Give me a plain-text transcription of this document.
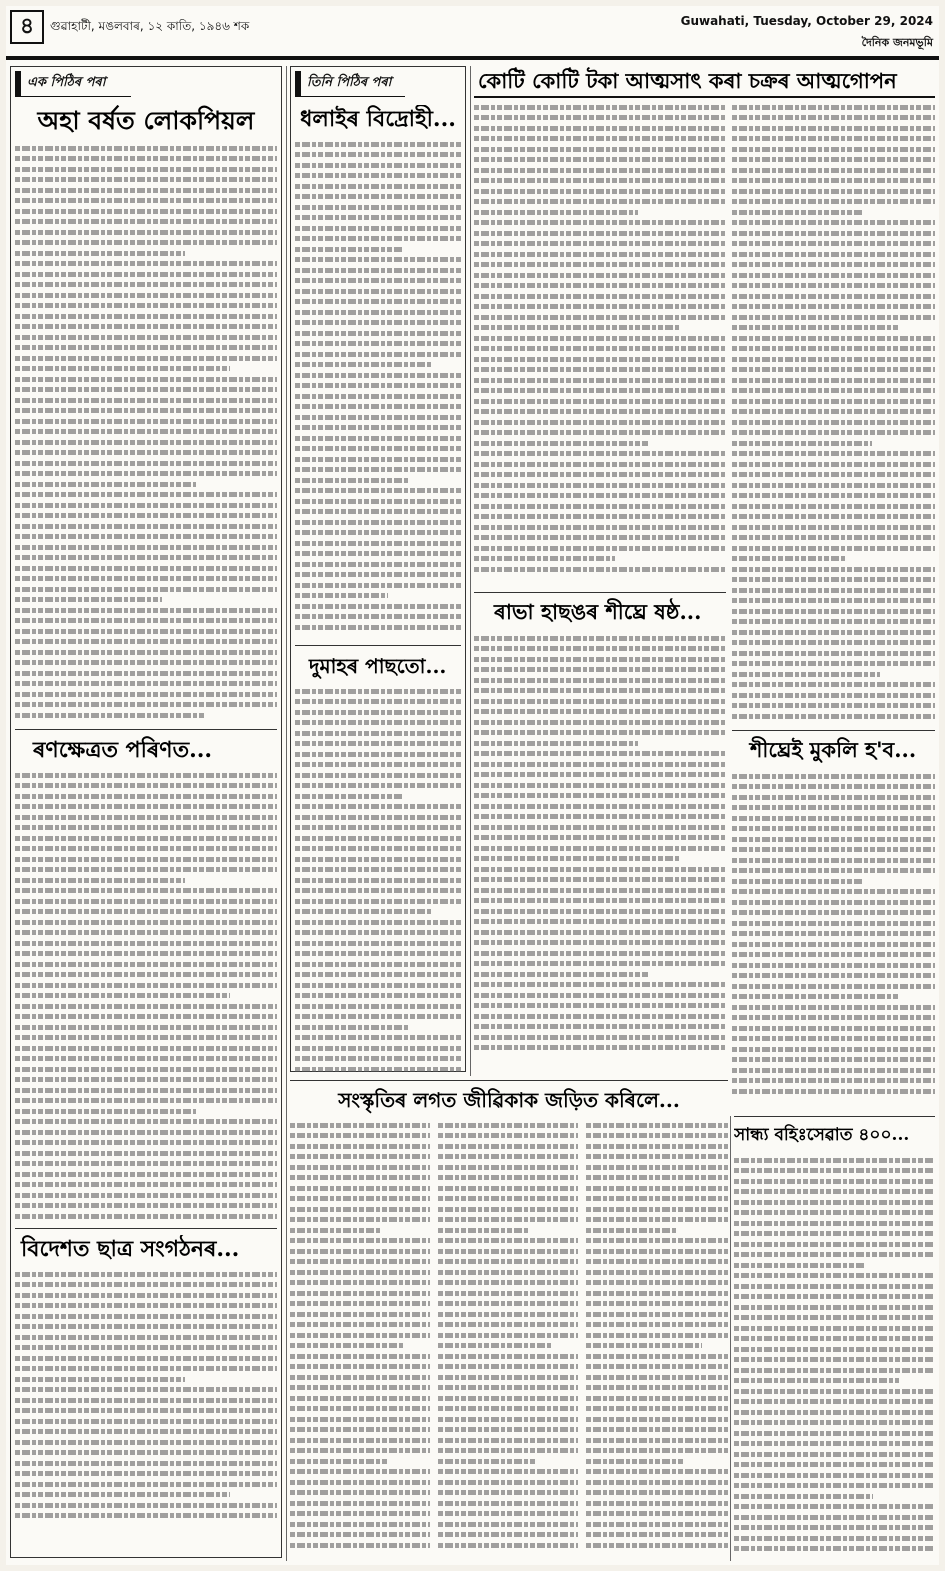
৪	গুৱাহাটী, মঙলবাৰ, ১২ কাতি, ১৯৪৬ শক	Guwahati, Tuesday, October 29, 2024
দৈনিক জনমভূমি
এক পিঠিৰ পৰা
অহা বৰ্ষত লোকপিয়ল
ৰণক্ষেত্ৰত পৰিণত...
বিদেশত ছাত্ৰ সংগঠনৰ...
তিনি পিঠিৰ পৰা
ধলাইৰ বিদ্ৰোহী...
দুমাহৰ পাছতো...
কোটি কোটি টকা আত্মসাৎ কৰা চক্ৰৰ আত্মগোপন
ৰাভা হাছঙৰ শীঘ্ৰে ষষ্ঠ...
শীঘ্ৰেই মুকলি হ'ব...
সংস্কৃতিৰ লগত জীৱিকাক জড়িত কৰিলে...
সান্ধ্য বহিঃসেৱাত ৪০০...
